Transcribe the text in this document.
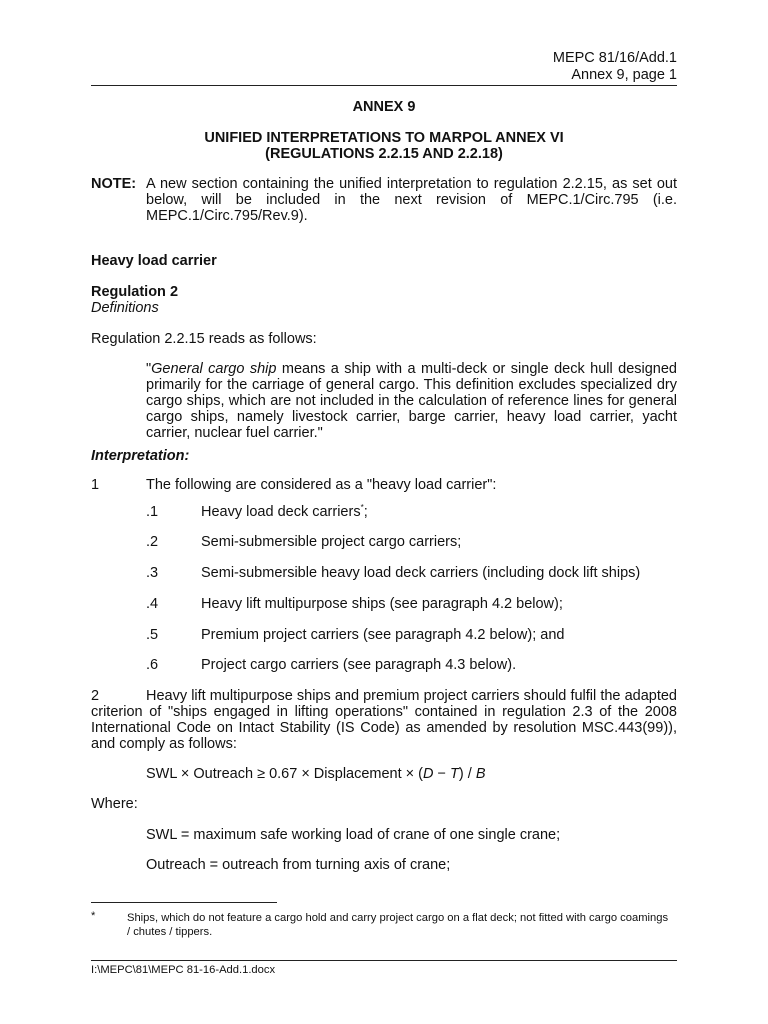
MEPC 81/16/Add.1
Annex 9, page 1
ANNEX 9
UNIFIED INTERPRETATIONS TO MARPOL ANNEX VI
(REGULATIONS 2.2.15 AND 2.2.18)
NOTE: A new section containing the unified interpretation to regulation 2.2.15, as set out below, will be included in the next revision of MEPC.1/Circ.795 (i.e. MEPC.1/Circ.795/Rev.9).
Heavy load carrier
Regulation 2
Definitions
Regulation 2.2.15 reads as follows:
"General cargo ship means a ship with a multi-deck or single deck hull designed primarily for the carriage of general cargo. This definition excludes specialized dry cargo ships, which are not included in the calculation of reference lines for general cargo ships, namely livestock carrier, barge carrier, heavy load carrier, yacht carrier, nuclear fuel carrier."
Interpretation:
1	The following are considered as a "heavy load carrier":
.1	Heavy load deck carriers*;
.2	Semi-submersible project cargo carriers;
.3	Semi-submersible heavy load deck carriers (including dock lift ships)
.4	Heavy lift multipurpose ships (see paragraph 4.2 below);
.5	Premium project carriers (see paragraph 4.2 below); and
.6	Project cargo carriers (see paragraph 4.3 below).
2	Heavy lift multipurpose ships and premium project carriers should fulfil the adapted
criterion of "ships engaged in lifting operations" contained in regulation 2.3 of the 2008 International Code on Intact Stability (IS Code) as amended by resolution MSC.443(99)), and comply as follows:
SWL × Outreach ≥ 0.67 × Displacement × (D − T) / B
Where:
SWL = maximum safe working load of crane of one single crane;
Outreach = outreach from turning axis of crane;
*	Ships, which do not feature a cargo hold and carry project cargo on a flat deck; not fitted with cargo coamings
/ chutes / tippers.
I:\MEPC\81\MEPC 81-16-Add.1.docx
